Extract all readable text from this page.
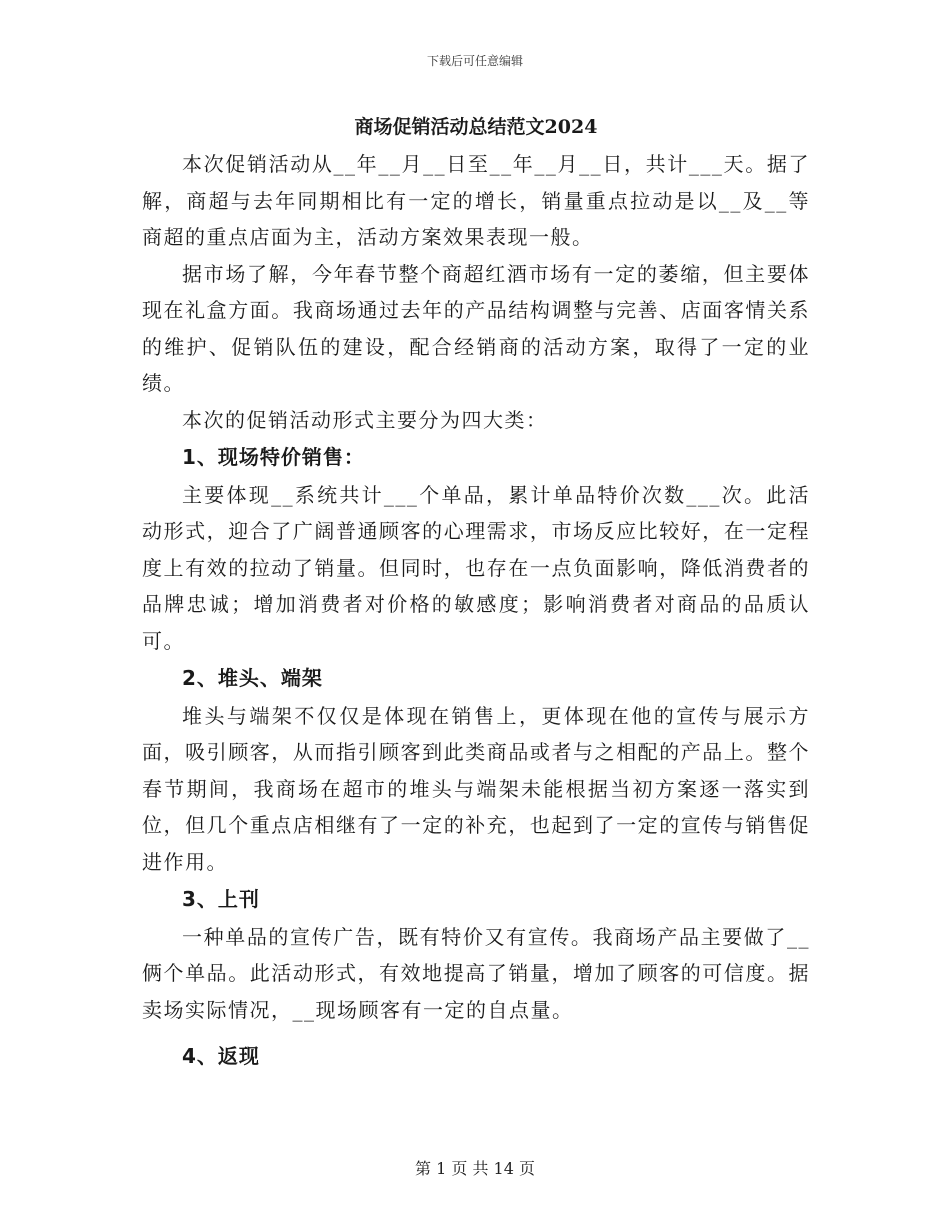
下载后可任意编辑
商场促销活动总结范文2024

本次促销活动从__年__月__日至__年__月__日，共计___天。据了解，商超与去年同期相比有一定的增长，销量重点拉动是以__及__等商超的重点店面为主，活动方案效果表现一般。

据市场了解，今年春节整个商超红酒市场有一定的萎缩，但主要体现在礼盒方面。我商场通过去年的产品结构调整与完善、店面客情关系的维护、促销队伍的建设，配合经销商的活动方案，取得了一定的业绩。

本次的促销活动形式主要分为四大类：

1、现场特价销售：

主要体现__系统共计___个单品，累计单品特价次数___次。此活动形式，迎合了广阔普通顾客的心理需求，市场反应比较好，在一定程度上有效的拉动了销量。但同时，也存在一点负面影响，降低消费者的品牌忠诚；增加消费者对价格的敏感度；影响消费者对商品的品质认可。

2、堆头、端架

堆头与端架不仅仅是体现在销售上，更体现在他的宣传与展示方面，吸引顾客，从而指引顾客到此类商品或者与之相配的产品上。整个春节期间，我商场在超市的堆头与端架未能根据当初方案逐一落实到位，但几个重点店相继有了一定的补充，也起到了一定的宣传与销售促进作用。

3、上刊

一种单品的宣传广告，既有特价又有宣传。我商场产品主要做了__俩个单品。此活动形式，有效地提高了销量，增加了顾客的可信度。据卖场实际情况，__现场顾客有一定的自点量。

4、返现
第 1 页 共 14 页
